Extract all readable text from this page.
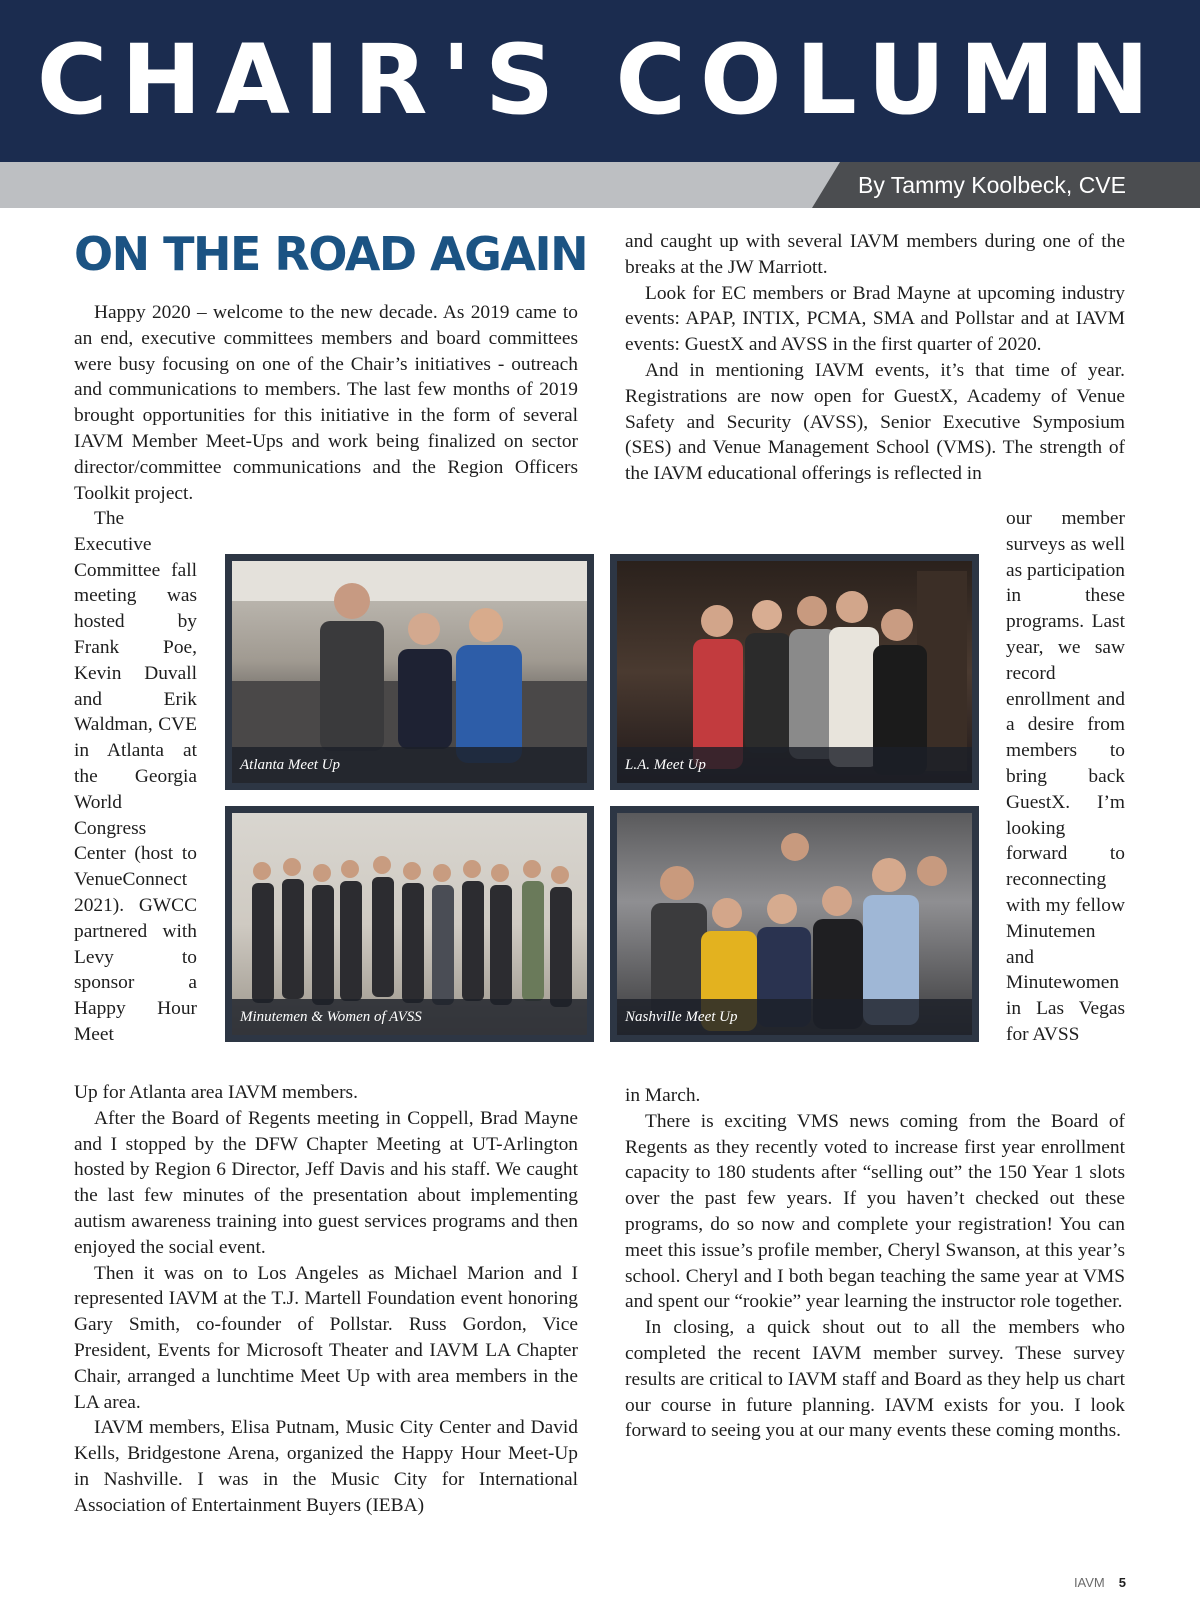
CHAIR'S COLUMN
By Tammy Koolbeck, CVE
ON THE ROAD AGAIN

Happy 2020 – welcome to the new decade. As 2019 came to an end, executive committees members and board committees were busy focusing on one of the Chair’s initiatives - outreach and communications to members. The last few months of 2019 brought opportunities for this initiative in the form of several IAVM Member Meet-Ups and work being finalized on sector director/committee communications and the Region Officers Toolkit project.

The Executive Committee fall meeting was hosted by Frank Poe, Kevin Duvall and Erik Waldman, CVE in Atlanta at the Georgia World Congress Center (host to VenueConnect 2021). GWCC partnered with Levy to sponsor a Happy Hour Meet

Up for Atlanta area IAVM members.

After the Board of Regents meeting in Coppell, Brad Mayne and I stopped by the DFW Chapter Meeting at UT-Arlington hosted by Region 6 Director, Jeff Davis and his staff. We caught the last few minutes of the presentation about implementing autism awareness training into guest services programs and then enjoyed the social event.

Then it was on to Los Angeles as Michael Marion and I represented IAVM at the T.J. Martell Foundation event honoring Gary Smith, co-founder of Pollstar. Russ Gordon, Vice President, Events for Microsoft Theater and IAVM LA Chapter Chair, arranged a lunchtime Meet Up with area members in the LA area.

IAVM members, Elisa Putnam, Music City Center and David Kells, Bridgestone Arena, organized the Happy Hour Meet-Up in Nashville. I was in the Music City for International Association of Entertainment Buyers (IEBA)

and caught up with several IAVM members during one of the breaks at the JW Marriott.

Look for EC members or Brad Mayne at upcoming industry events: APAP, INTIX, PCMA, SMA and Pollstar and at IAVM events: GuestX and AVSS in the first quarter of 2020.

And in mentioning IAVM events, it’s that time of year. Registrations are now open for GuestX, Academy of Venue Safety and Security (AVSS), Senior Executive Symposium (SES) and Venue Management School (VMS). The strength of the IAVM educational offerings is reflected in

our member surveys as well as participation in these programs. Last year, we saw record enrollment and a desire from members to bring back GuestX. I’m looking forward to reconnecting with my fellow Minutemen and Minutewomen in Las Vegas for AVSS

in March.

There is exciting VMS news coming from the Board of Regents as they recently voted to increase first year enrollment capacity to 180 students after “selling out” the 150 Year 1 slots over the past few years. If you haven’t checked out these programs, do so now and complete your registration! You can meet this issue’s profile member, Cheryl Swanson, at this year’s school. Cheryl and I both began teaching the same year at VMS and spent our “rookie” year learning the instructor role together.

In closing, a quick shout out to all the members who completed the recent IAVM member survey. These survey results are critical to IAVM staff and Board as they help us chart our course in future planning. IAVM exists for you. I look forward to seeing you at our many events these coming months.

Atlanta Meet Up	L.A. Meet Up
Minutemen & Women of AVSS	Nashville Meet Up
IAVM 5
